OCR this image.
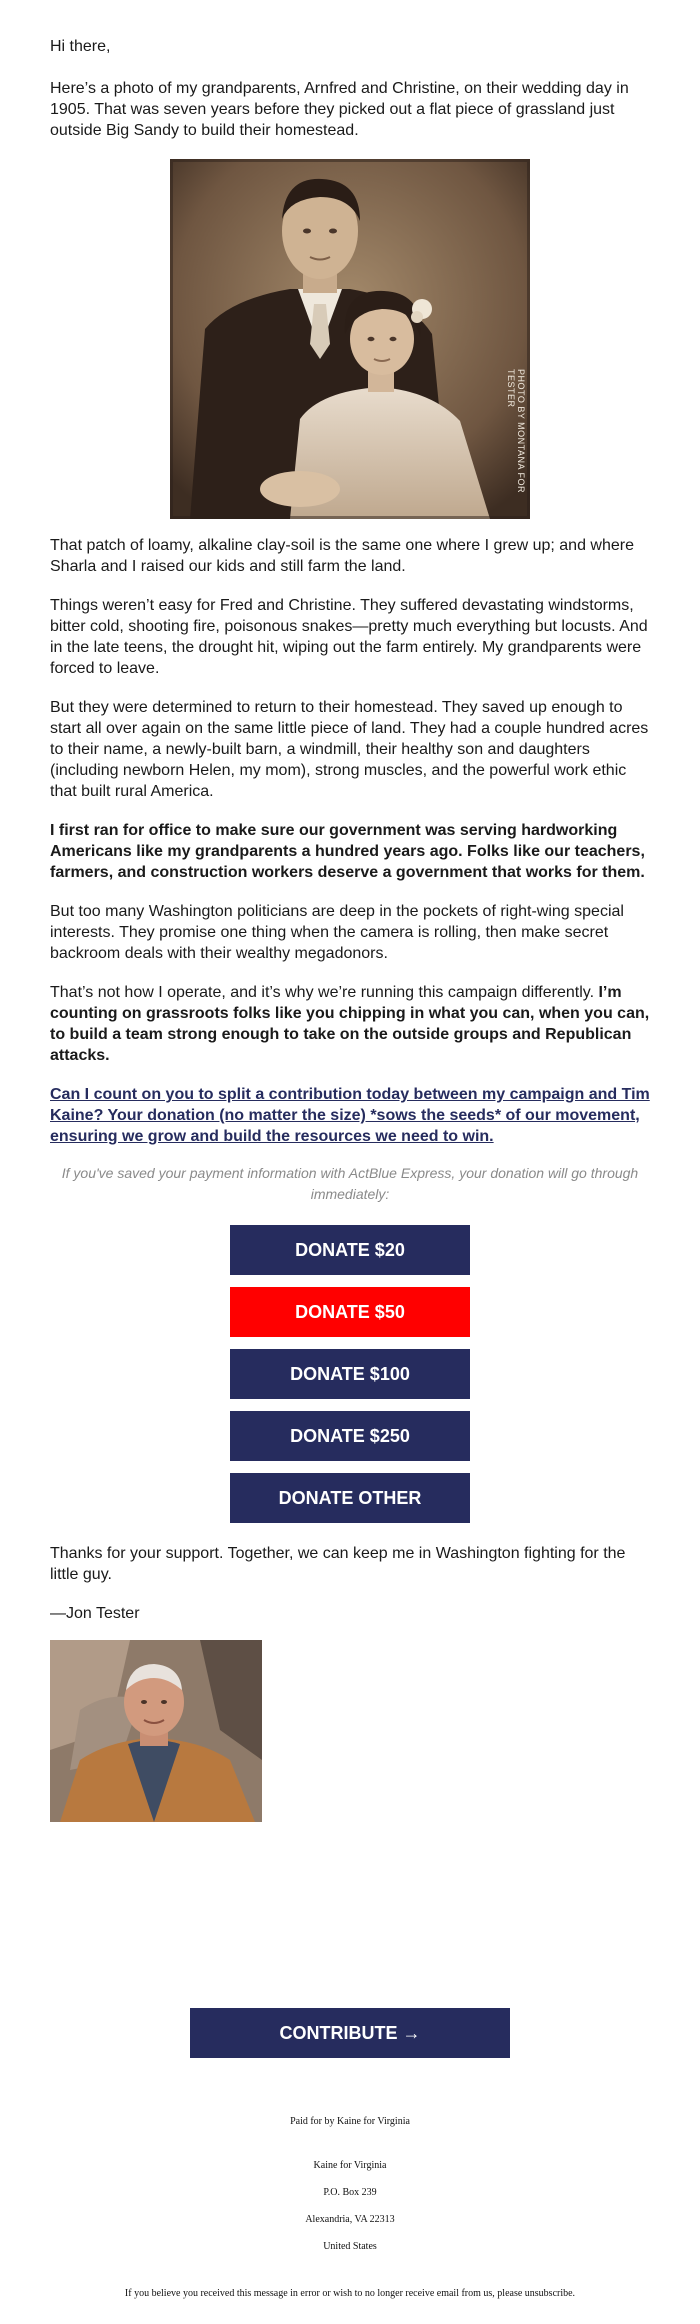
Hi there,

Here’s a photo of my grandparents, Arnfred and Christine, on their wedding day in 1905. That was seven years before they picked out a flat piece of grassland just outside Big Sandy to build their homestead.

PHOTO BY MONTANA FOR TESTER

That patch of loamy, alkaline clay-soil is the same one where I grew up; and where Sharla and I raised our kids and still farm the land.

Things weren’t easy for Fred and Christine. They suffered devastating windstorms, bitter cold, shooting fire, poisonous snakes—pretty much everything but locusts. And in the late teens, the drought hit, wiping out the farm entirely. My grandparents were forced to leave.

But they were determined to return to their homestead. They saved up enough to start all over again on the same little piece of land. They had a couple hundred acres to their name, a newly-built barn, a windmill, their healthy son and daughters (including newborn Helen, my mom), strong muscles, and the powerful work ethic that built rural America.

I first ran for office to make sure our government was serving hardworking Americans like my grandparents a hundred years ago. Folks like our teachers, farmers, and construction workers deserve a government that works for them.

But too many Washington politicians are deep in the pockets of right-wing special interests. They promise one thing when the camera is rolling, then make secret backroom deals with their wealthy megadonors.

That’s not how I operate, and it’s why we’re running this campaign differently. I’m counting on grassroots folks like you chipping in what you can, when you can, to build a team strong enough to take on the outside groups and Republican attacks.

Can I count on you to split a contribution today between my campaign and Tim Kaine? Your donation (no matter the size) *sows the seeds* of our movement, ensuring we grow and build the resources we need to win.

If you've saved your payment information with ActBlue Express, your donation will go through immediately:

DONATE $20
DONATE $50
DONATE $100
DONATE $250
DONATE OTHER

Thanks for your support. Together, we can keep me in Washington fighting for the little guy.

—Jon Tester

CONTRIBUTE →
Paid for by Kaine for Virginia
Kaine for Virginia
P.O. Box 239
Alexandria, VA 22313
United States
If you believe you received this message in error or wish to no longer receive email from us, please unsubscribe.
